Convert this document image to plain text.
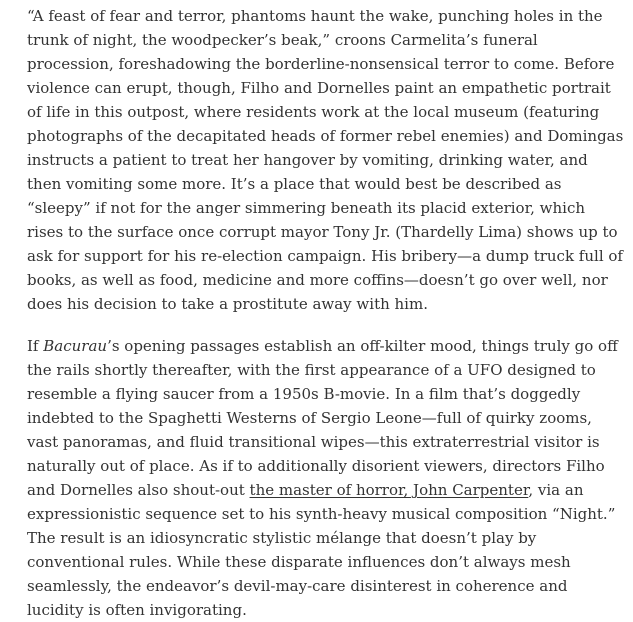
“A feast of fear and terror, phantoms haunt the wake, punching holes in the trunk of night, the woodpecker’s beak,” croons Carmelita’s funeral procession, foreshadowing the borderline-nonsensical terror to come. Before violence can erupt, though, Filho and Dornelles paint an empathetic portrait of life in this outpost, where residents work at the local museum (featuring photographs of the decapitated heads of former rebel enemies) and Domingas instructs a patient to treat her hangover by vomiting, drinking water, and then vomiting some more. It’s a place that would best be described as “sleepy” if not for the anger simmering beneath its placid exterior, which rises to the surface once corrupt mayor Tony Jr. (Thardelly Lima) shows up to ask for support for his re-election campaign. His bribery—a dump truck full of books, as well as food, medicine and more coffins—doesn’t go over well, nor does his decision to take a prostitute away with him.

If Bacurau’s opening passages establish an off-kilter mood, things truly go off the rails shortly thereafter, with the first appearance of a UFO designed to resemble a flying saucer from a 1950s B-movie. In a film that’s doggedly indebted to the Spaghetti Westerns of Sergio Leone—full of quirky zooms, vast panoramas, and fluid transitional wipes—this extraterrestrial visitor is naturally out of place. As if to additionally disorient viewers, directors Filho and Dornelles also shout-out the master of horror, John Carpenter, via an expressionistic sequence set to his synth-heavy musical composition “Night.” The result is an idiosyncratic stylistic mélange that doesn’t play by conventional rules. While these disparate influences don’t always mesh seamlessly, the endeavor’s devil-may-care disinterest in coherence and lucidity is often invigorating.
